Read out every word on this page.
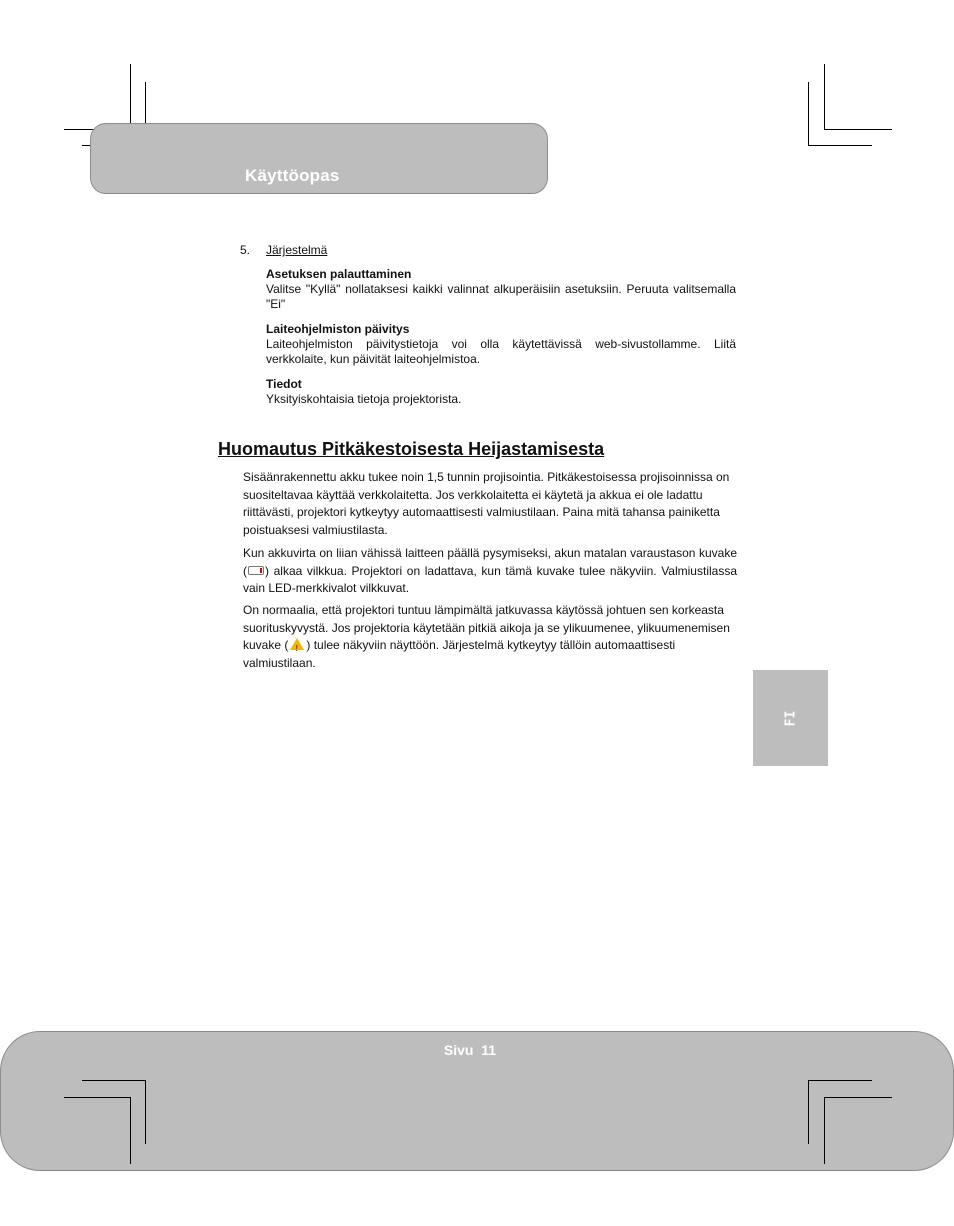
Käyttöopas
5. Järjestelmä
Asetuksen palauttaminen

Valitse "Kyllä" nollataksesi kaikki valinnat alkuperäisiin asetuksiin. Peruuta valitsemalla "Ei"

Laiteohjelmiston päivitys

Laiteohjelmiston päivitystietoja voi olla käytettävissä web-sivustollamme. Liitä verkkolaite, kun päivität laiteohjelmistoa.

Tiedot

Yksityiskohtaisia tietoja projektorista.

Huomautus Pitkäkestoisesta Heijastamisesta

Sisäänrakennettu akku tukee noin 1,5 tunnin projisointia. Pitkäkestoisessa projisoinnissa on suositeltavaa käyttää verkkolaitetta. Jos verkkolaitetta ei käytetä ja akkua ei ole ladattu riittävästi, projektori kytkeytyy automaattisesti valmiustilaan. Paina mitä tahansa painiketta poistuaksesi valmiustilasta.

Kun akkuvirta on liian vähissä laitteen päällä pysymiseksi, akun matalan varaustason kuvake ( ) alkaa vilkkua. Projektori on ladattava, kun tämä kuvake tulee näkyviin. Valmiustilassa vain LED-merkkivalot vilkkuvat.

On normaalia, että projektori tuntuu lämpimältä jatkuvassa käytössä johtuen sen korkeasta suorituskyvystä. Jos projektoria käytetään pitkiä aikoja ja se ylikuumenee, ylikuumenemisen kuvake (! ) tulee näkyviin näyttöön. Järjestelmä kytkeytyy tällöin automaattisesti valmiustilaan.

FI
Sivu  11
